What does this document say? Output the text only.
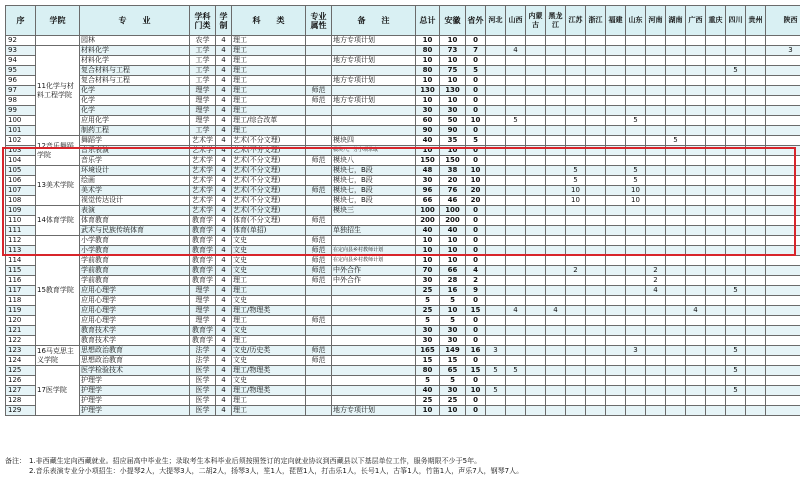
序	学院	专　　业	学科门类	学制	科　　类	专业属性	备　　注	总计	安徽	省外	河北	山西	内蒙古	黑龙江	江苏	浙江	福建	山东	河南	湖南	广西	重庆	四川	贵州	陕西
92		园林	农学	4	理工		地方专项计划	10	10	0															
93	11化学与材料工程学院	材料化学	工学	4	理工			80	73	7		4													3
94		材料化学	工学	4	理工		地方专项计划	10	10	0															
95		复合材料与工程	工学	4	理工			80	75	5													5		
96		复合材料与工程	工学	4	理工		地方专项计划	10	10	0															
97		化学	理学	4	理工	师范		130	130	0															
98		化学	理学	4	理工	师范	地方专项计划	10	10	0															
99		化学	理学	4	理工			30	30	0															
100		应用化学	理学	4	理工/综合改革			60	50	10		5						5							
101		制药工程	工学	4	理工			90	90	0															
102	12音乐舞蹈学院	舞蹈学	艺术学	4	艺术(不分文理)		模块四	40	35	5										5					
103		音乐表演	艺术学	4	艺术(不分文理)		模块八，分小项录取	10	10	0															
104		音乐学	艺术学	4	艺术(不分文理)	师范	模块八	150	150	0															
105	13美术学院	环境设计	艺术学	4	艺术(不分文理)		模块七，B段	48	38	10					5			5							
106		绘画	艺术学	4	艺术(不分文理)		模块七，B段	30	20	10					5			5							
107		美术学	艺术学	4	艺术(不分文理)	师范	模块七，B段	96	76	20					10			10							
108		视觉传达设计	艺术学	4	艺术(不分文理)		模块七，B段	66	46	20					10			10							
109	14体育学院	表演	艺术学	4	艺术(不分文理)		模块三	100	100	0															
110		体育教育	教育学	4	体育(不分文理)	师范		200	200	0															
111		武术与民族传统体育	教育学	4	体育(单招)		单独招生	40	40	0															
112	15教育学院	小学教育	教育学	4	文史	师范		10	10	0															
113		小学教育	教育学	4	文史	师范	在定向县乡村教师计划	10	10	0															
114		学前教育	教育学	4	文史	师范	在定向县乡村教师计划	10	10	0															
115		学前教育	教育学	4	文史	师范	中外合作	70	66	4					2				2						
116		学前教育	教育学	4	理工	师范	中外合作	30	28	2									2						
117		应用心理学	理学	4	理工			25	16	9									4				5		
118		应用心理学	理学	4	文史			5	5	0															
119		应用心理学	理学	4	理工/物理类			25	10	15		4		4							4				
120		应用心理学	理学	4	理工	师范		5	5	0															
121		教育技术学	教育学	4	文史			30	30	0															
122		教育技术学	教育学	4	理工			30	30	0															
123	16马克思主义学院	思想政治教育	法学	4	文史/历史类	师范		165	149	16	3							3					5		
124		思想政治教育	法学	4	文史	师范		15	15	0															
125	17医学院	医学检验技术	医学	4	理工/物理类			80	65	15	5	5											5		
126		护理学	医学	4	文史			5	5	0															
127		护理学	医学	4	理工/物理类			40	30	10	5												5		
128		护理学	医学	4	理工			25	25	0															
129		护理学	医学	4	理工		地方专项计划	10	10	0															
备注： 1.非西藏生定向西藏就业。招应届高中毕业生；录取考生本科毕业后须按照签订的定向就业协议到西藏县以下基层单位工作，服务期限不少于5年。
2.音乐表演专业分小项招生：小提琴2人，大提琴3人，二胡2人，扬琴3人，笙1人，琵琶1人，打击乐1人，长号1人，古筝1人，竹笛1人，声乐7人，钢琴7人。
